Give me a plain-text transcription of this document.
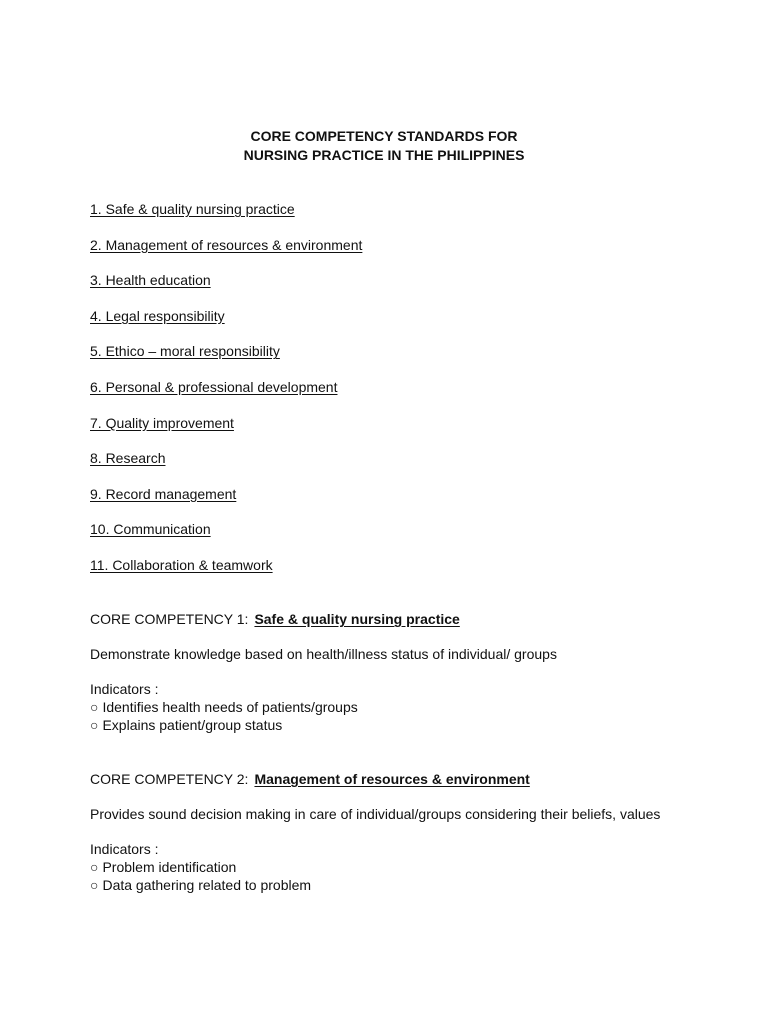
CORE COMPETENCY STANDARDS FOR
NURSING PRACTICE IN THE PHILIPPINES
1. Safe & quality nursing practice
2. Management of resources & environment
3. Health education
4. Legal responsibility
5. Ethico – moral responsibility
6. Personal & professional development
7. Quality improvement
8. Research
9. Record management
10. Communication
11. Collaboration & teamwork
CORE COMPETENCY 1: Safe & quality nursing practice
Demonstrate knowledge based on health/illness status of individual/ groups
Indicators :
○ Identifies health needs of patients/groups
○ Explains patient/group status
CORE COMPETENCY 2: Management of resources & environment
Provides sound decision making in care of individual/groups considering their beliefs, values
Indicators :
○ Problem identification
○ Data gathering related to problem
